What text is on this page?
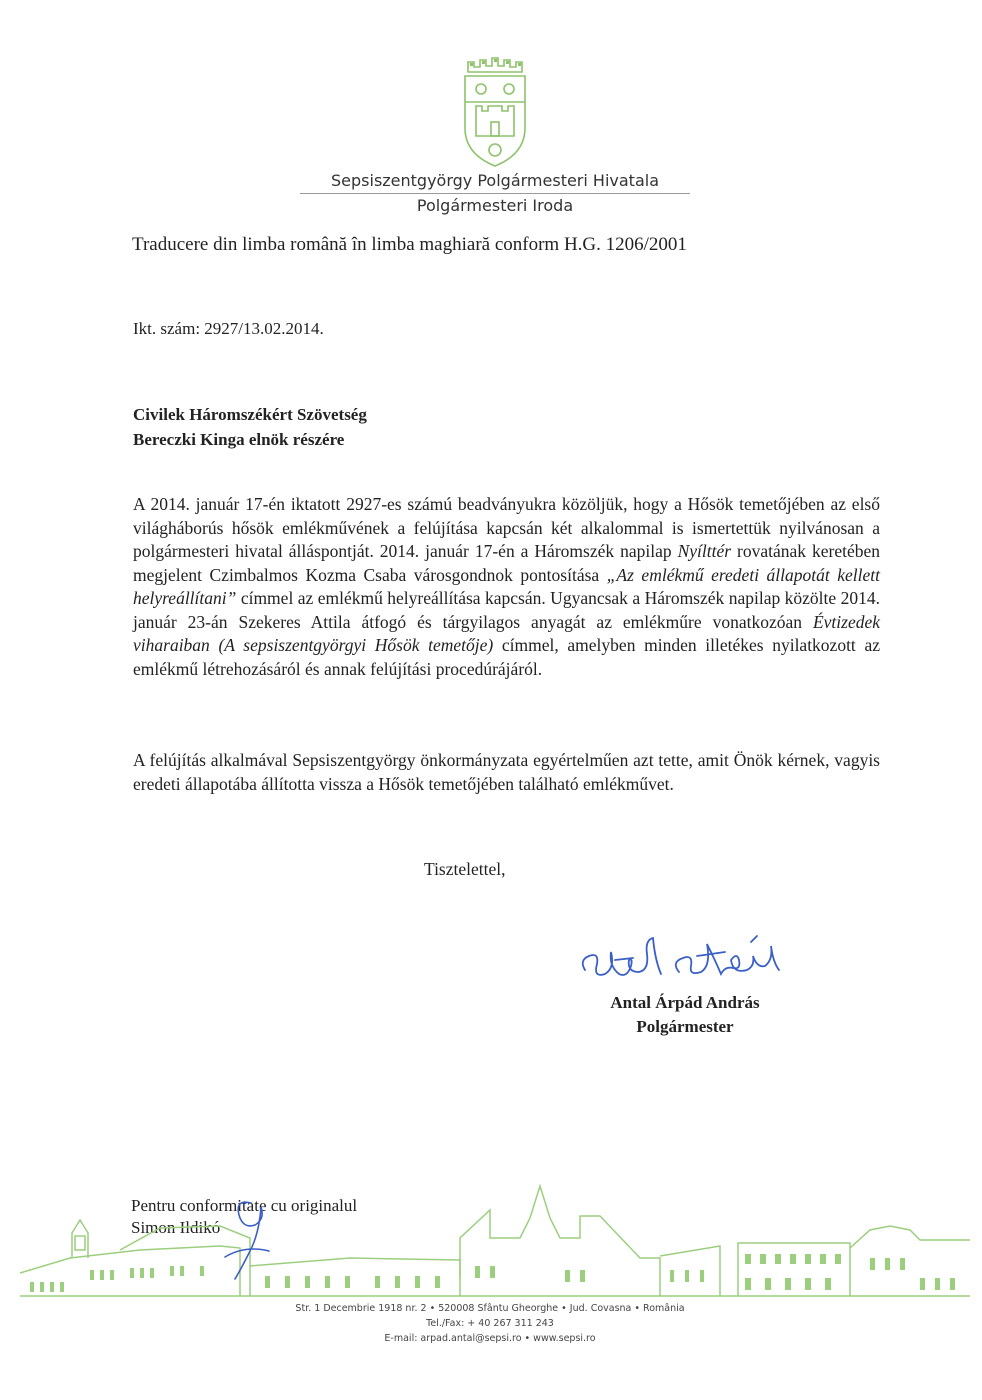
Sepsiszentgyörgy Polgármesteri Hivatala
Polgármesteri Iroda
Traducere din limba română în limba maghiară conform H.G. 1206/2001
Ikt. szám: 2927/13.02.2014.
Civilek Háromszékért Szövetség
Bereczki Kinga elnök részére

A 2014. január 17-én iktatott 2927-es számú beadványukra közöljük, hogy a Hősök temetőjében az első világháborús hősök emlékművének a felújítása kapcsán két alkalommal is ismertettük nyilvánosan a polgármesteri hivatal álláspontját. 2014. január 17-én a Háromszék napilap Nyílttér rovatának keretében megjelent Czimbalmos Kozma Csaba városgondnok pontosítása „Az emlékmű eredeti állapotát kellett helyreállítani” címmel az emlékmű helyreállítása kapcsán. Ugyancsak a Háromszék napilap közölte 2014. január 23-án Szekeres Attila átfogó és tárgyilagos anyagát az emlékműre vonatkozóan Évtizedek viharaiban (A sepsiszentgyörgyi Hősök temetője) címmel, amelyben minden illetékes nyilatkozott az emlékmű létrehozásáról és annak felújítási procedúrájáról.

A felújítás alkalmával Sepsiszentgyörgy önkormányzata egyértelműen azt tette, amit Önök kérnek, vagyis eredeti állapotába állította vissza a Hősök temetőjében található emlékművet.

Tisztelettel,
Antal Árpád András
Polgármester
Pentru conformitate cu originalul
Simon Ildikó
Str. 1 Decembrie 1918 nr. 2 • 520008 Sfântu Gheorghe • Jud. Covasna • România
Tel./Fax: + 40 267 311 243
E-mail: arpad.antal@sepsi.ro • www.sepsi.ro
